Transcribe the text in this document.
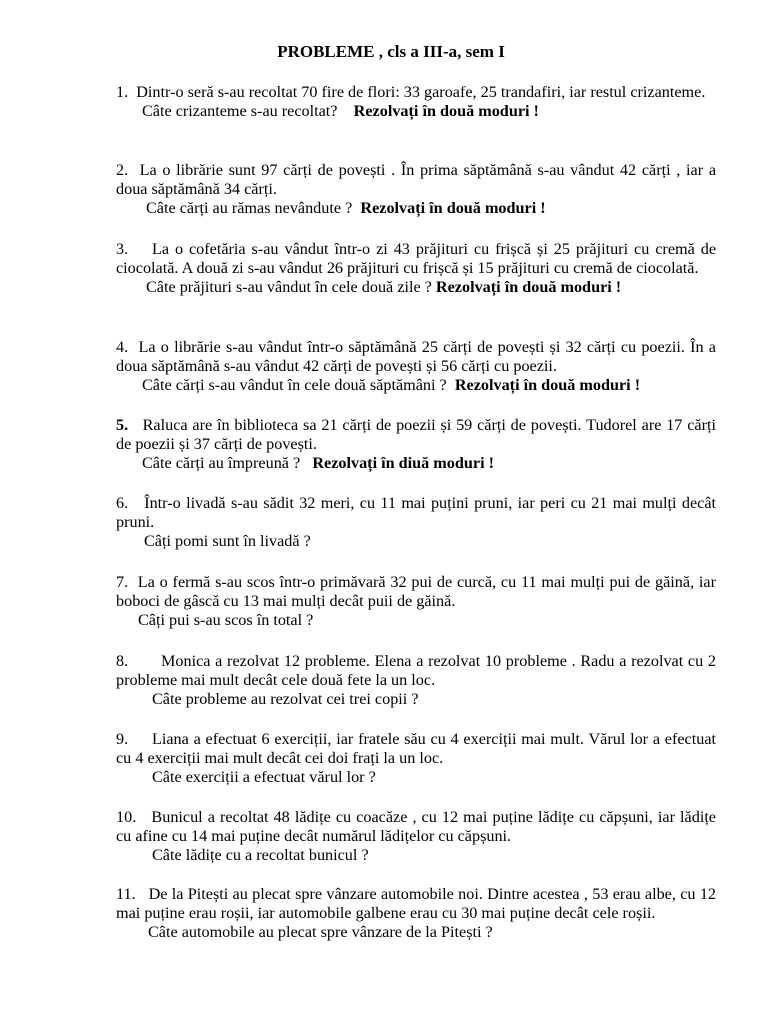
PROBLEME , cls a III-a, sem I
1. Dintr-o seră s-au recoltat 70 fire de flori: 33 garoafe, 25 trandafiri, iar restul crizanteme.
Câte crizanteme s-au recoltat? Rezolvați în două moduri !
2. La o librărie sunt 97 cărți de povești . În prima săptămână s-au vândut 42 cărți , iar a doua săptămână 34 cărți.
Câte cărți au rămas nevândute ? Rezolvați în două moduri !
3. La o cofetăria s-au vândut într-o zi 43 prăjituri cu frișcă și 25 prăjituri cu cremă de ciocolată. A două zi s-au vândut 26 prăjituri cu frișcă și 15 prăjituri cu cremă de ciocolată.
Câte prăjituri s-au vândut în cele două zile ? Rezolvați în două moduri !
4. La o librărie s-au vândut într-o săptămână 25 cărți de povești și 32 cărți cu poezii. În a doua săptămână s-au vândut 42 cărți de povești și 56 cărți cu poezii.
Câte cărți s-au vândut în cele două săptămâni ? Rezolvați în două moduri !
5. Raluca are în biblioteca sa 21 cărți de poezii și 59 cărți de povești. Tudorel are 17 cărți de poezii și 37 cărți de povești.
Câte cărți au împreună ? Rezolvați în diuă moduri !
6. Într-o livadă s-au sădit 32 meri, cu 11 mai puțini pruni, iar peri cu 21 mai mulți decât pruni.
Câți pomi sunt în livadă ?
7. La o fermă s-au scos într-o primăvară 32 pui de curcă, cu 11 mai mulți pui de găină, iar boboci de gâscă cu 13 mai mulți decât puii de găină.
Câți pui s-au scos în total ?
8. Monica a rezolvat 12 probleme. Elena a rezolvat 10 probleme . Radu a rezolvat cu 2 probleme mai mult decât cele două fete la un loc.
Câte probleme au rezolvat cei trei copii ?
9. Liana a efectuat 6 exerciții, iar fratele său cu 4 exerciții mai mult. Vărul lor a efectuat cu 4 exerciții mai mult decât cei doi frați la un loc.
Câte exerciții a efectuat vărul lor ?
10. Bunicul a recoltat 48 lădițe cu coacăze , cu 12 mai puține lădițe cu căpșuni, iar lădițe cu afine cu 14 mai puține decât numărul lădițelor cu căpșuni.
Câte lădițe cu a recoltat bunicul ?
11. De la Pitești au plecat spre vânzare automobile noi. Dintre acestea , 53 erau albe, cu 12 mai puține erau roșii, iar automobile galbene erau cu 30 mai puține decât cele roșii.
Câte automobile au plecat spre vânzare de la Pitești ?
